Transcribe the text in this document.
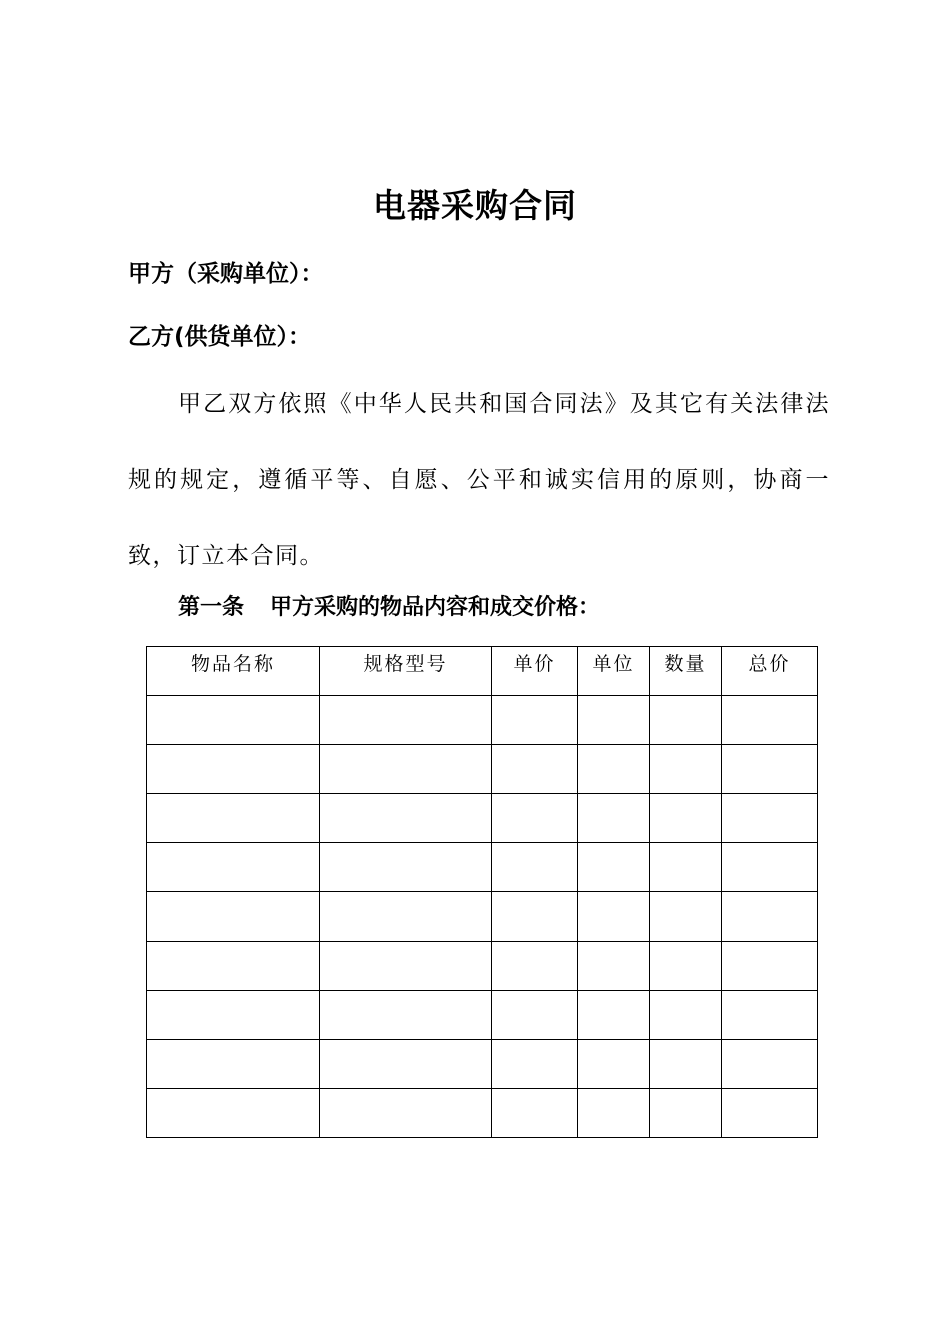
电器采购合同

甲方（采购单位）：

乙方(供货单位）：

甲乙双方依照《中华人民共和国合同法》及其它有关法律法规的规定，遵循平等、自愿、公平和诚实信用的原则，协商一致，订立本合同。

第一条 甲方采购的物品内容和成交价格：

物品名称	规格型号	单价	单位	数量	总价
